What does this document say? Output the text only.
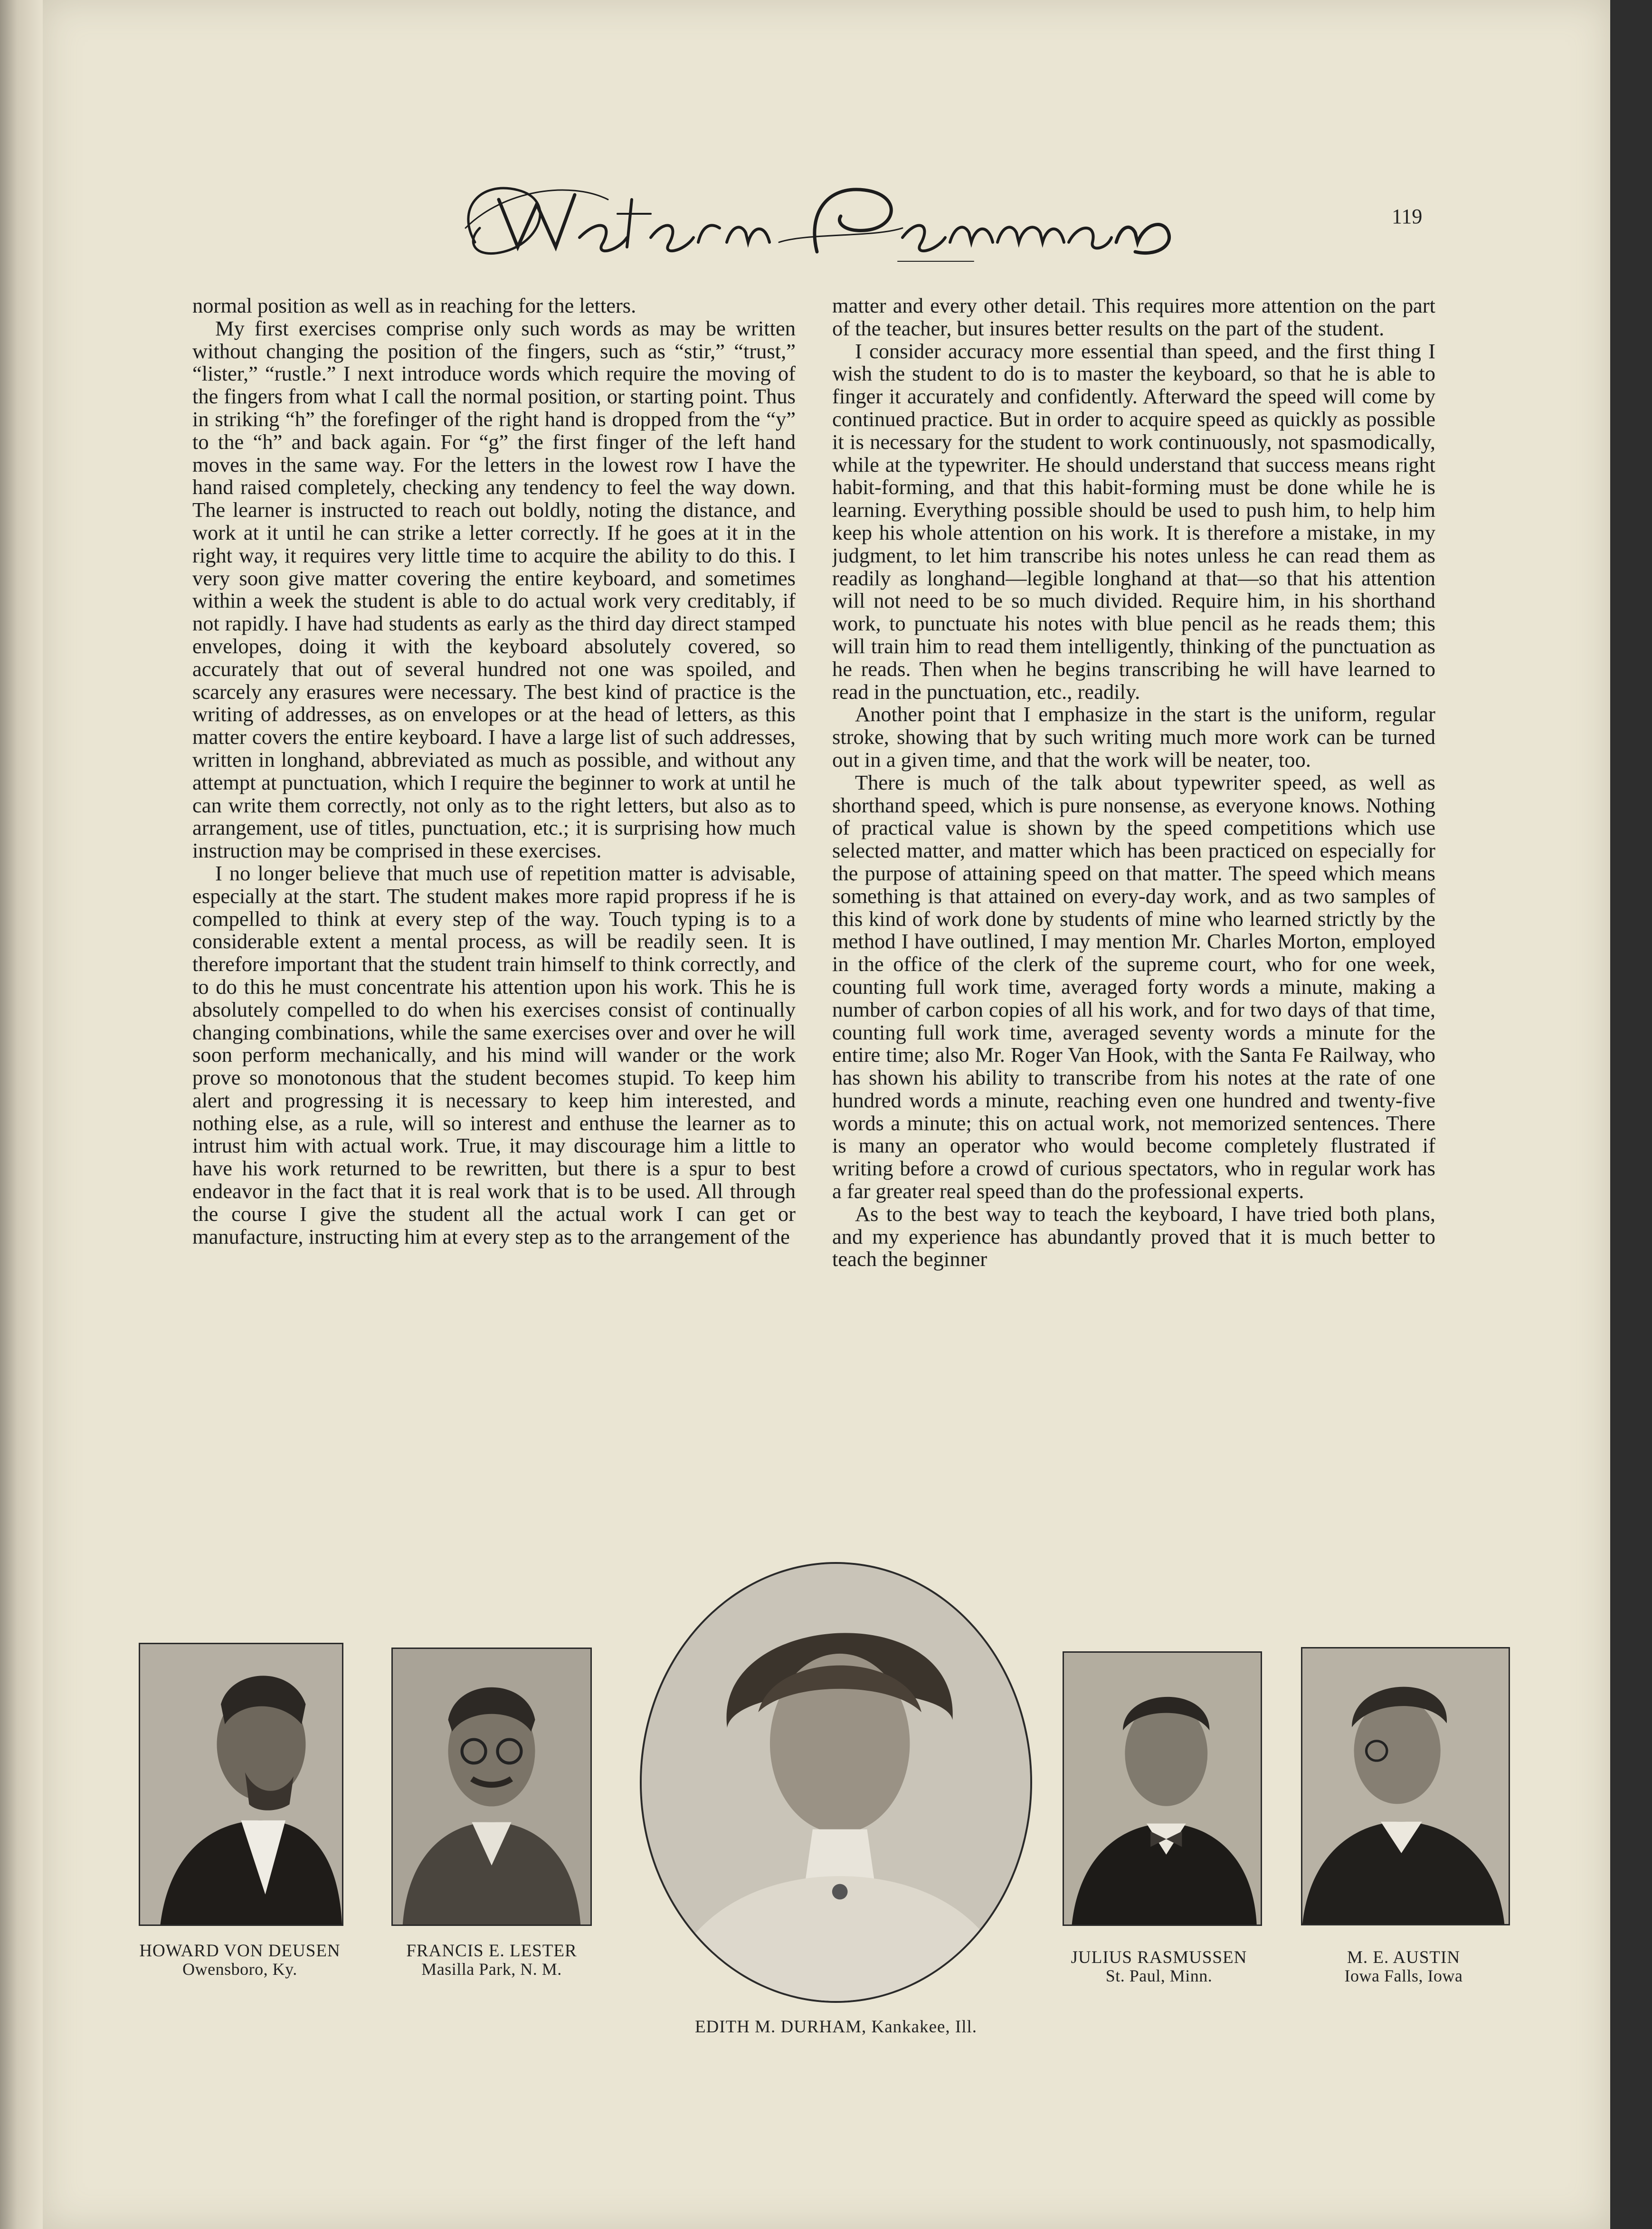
119

normal position as well as in reaching for the letters.

My first exercises comprise only such words as may be written without changing the position of the fingers, such as “stir,” “trust,” “lister,” “rustle.” I next introduce words which require the moving of the fingers from what I call the normal position, or starting point. Thus in striking “h” the forefinger of the right hand is dropped from the “y” to the “h” and back again. For “g” the first finger of the left hand moves in the same way. For the letters in the lowest row I have the hand raised completely, checking any tendency to feel the way down. The learner is instructed to reach out boldly, noting the distance, and work at it until he can strike a letter correctly. If he goes at it in the right way, it requires very little time to acquire the ability to do this. I very soon give matter covering the entire keyboard, and sometimes within a week the student is able to do actual work very creditably, if not rapidly. I have had students as early as the third day direct stamped envelopes, doing it with the keyboard absolutely covered, so accurately that out of several hundred not one was spoiled, and scarcely any erasures were necessary. The best kind of practice is the writing of addresses, as on envelopes or at the head of letters, as this matter covers the entire keyboard. I have a large list of such addresses, written in longhand, abbreviated as much as possible, and without any attempt at punctuation, which I require the beginner to work at until he can write them correctly, not only as to the right letters, but also as to arrangement, use of titles, punctuation, etc.; it is surprising how much instruction may be comprised in these exercises.

I no longer believe that much use of repetition matter is advisable, especially at the start. The student makes more rapid propress if he is compelled to think at every step of the way. Touch typing is to a considerable extent a mental process, as will be readily seen. It is therefore important that the student train himself to think correctly, and to do this he must concentrate his attention upon his work. This he is absolutely compelled to do when his exercises consist of continually changing combinations, while the same exercises over and over he will soon perform mechanically, and his mind will wander or the work prove so monotonous that the student becomes stupid. To keep him alert and progressing it is necessary to keep him interested, and nothing else, as a rule, will so interest and enthuse the learner as to intrust him with actual work. True, it may discourage him a little to have his work returned to be rewritten, but there is a spur to best endeavor in the fact that it is real work that is to be used. All through the course I give the student all the actual work I can get or manufacture, instructing him at every step as to the arrangement of the

matter and every other detail. This requires more attention on the part of the teacher, but insures better results on the part of the student.

I consider accuracy more essential than speed, and the first thing I wish the student to do is to master the keyboard, so that he is able to finger it accurately and confidently. Afterward the speed will come by continued practice. But in order to acquire speed as quickly as possible it is necessary for the student to work continuously, not spasmodically, while at the typewriter. He should understand that success means right habit-forming, and that this habit-forming must be done while he is learning. Everything possible should be used to push him, to help him keep his whole attention on his work. It is therefore a mistake, in my judgment, to let him transcribe his notes unless he can read them as readily as longhand—legible longhand at that—so that his attention will not need to be so much divided. Require him, in his shorthand work, to punctuate his notes with blue pencil as he reads them; this will train him to read them intelligently, thinking of the punctuation as he reads. Then when he begins transcribing he will have learned to read in the punctuation, etc., readily.

Another point that I emphasize in the start is the uniform, regular stroke, showing that by such writing much more work can be turned out in a given time, and that the work will be neater, too.

There is much of the talk about typewriter speed, as well as shorthand speed, which is pure nonsense, as everyone knows. Nothing of practical value is shown by the speed competitions which use selected matter, and matter which has been practiced on especially for the purpose of attaining speed on that matter. The speed which means something is that attained on every-day work, and as two samples of this kind of work done by students of mine who learned strictly by the method I have outlined, I may mention Mr. Charles Morton, employed in the office of the clerk of the supreme court, who for one week, counting full work time, averaged forty words a minute, making a number of carbon copies of all his work, and for two days of that time, counting full work time, averaged seventy words a minute for the entire time; also Mr. Roger Van Hook, with the Santa Fe Railway, who has shown his ability to transcribe from his notes at the rate of one hundred words a minute, reaching even one hundred and twenty-five words a minute; this on actual work, not memorized sentences. There is many an operator who would become completely flustrated if writing before a crowd of curious spectators, who in regular work has a far greater real speed than do the professional experts.

As to the best way to teach the keyboard, I have tried both plans, and my experience has abundantly proved that it is much better to teach the beginner

HOWARD VON DEUSEN
Owensboro, Ky.
FRANCIS E. LESTER
Masilla Park, N. M.
EDITH M. DURHAM, Kankakee, Ill.
JULIUS RASMUSSEN
St. Paul, Minn.
M. E. AUSTIN
Iowa Falls, Iowa
